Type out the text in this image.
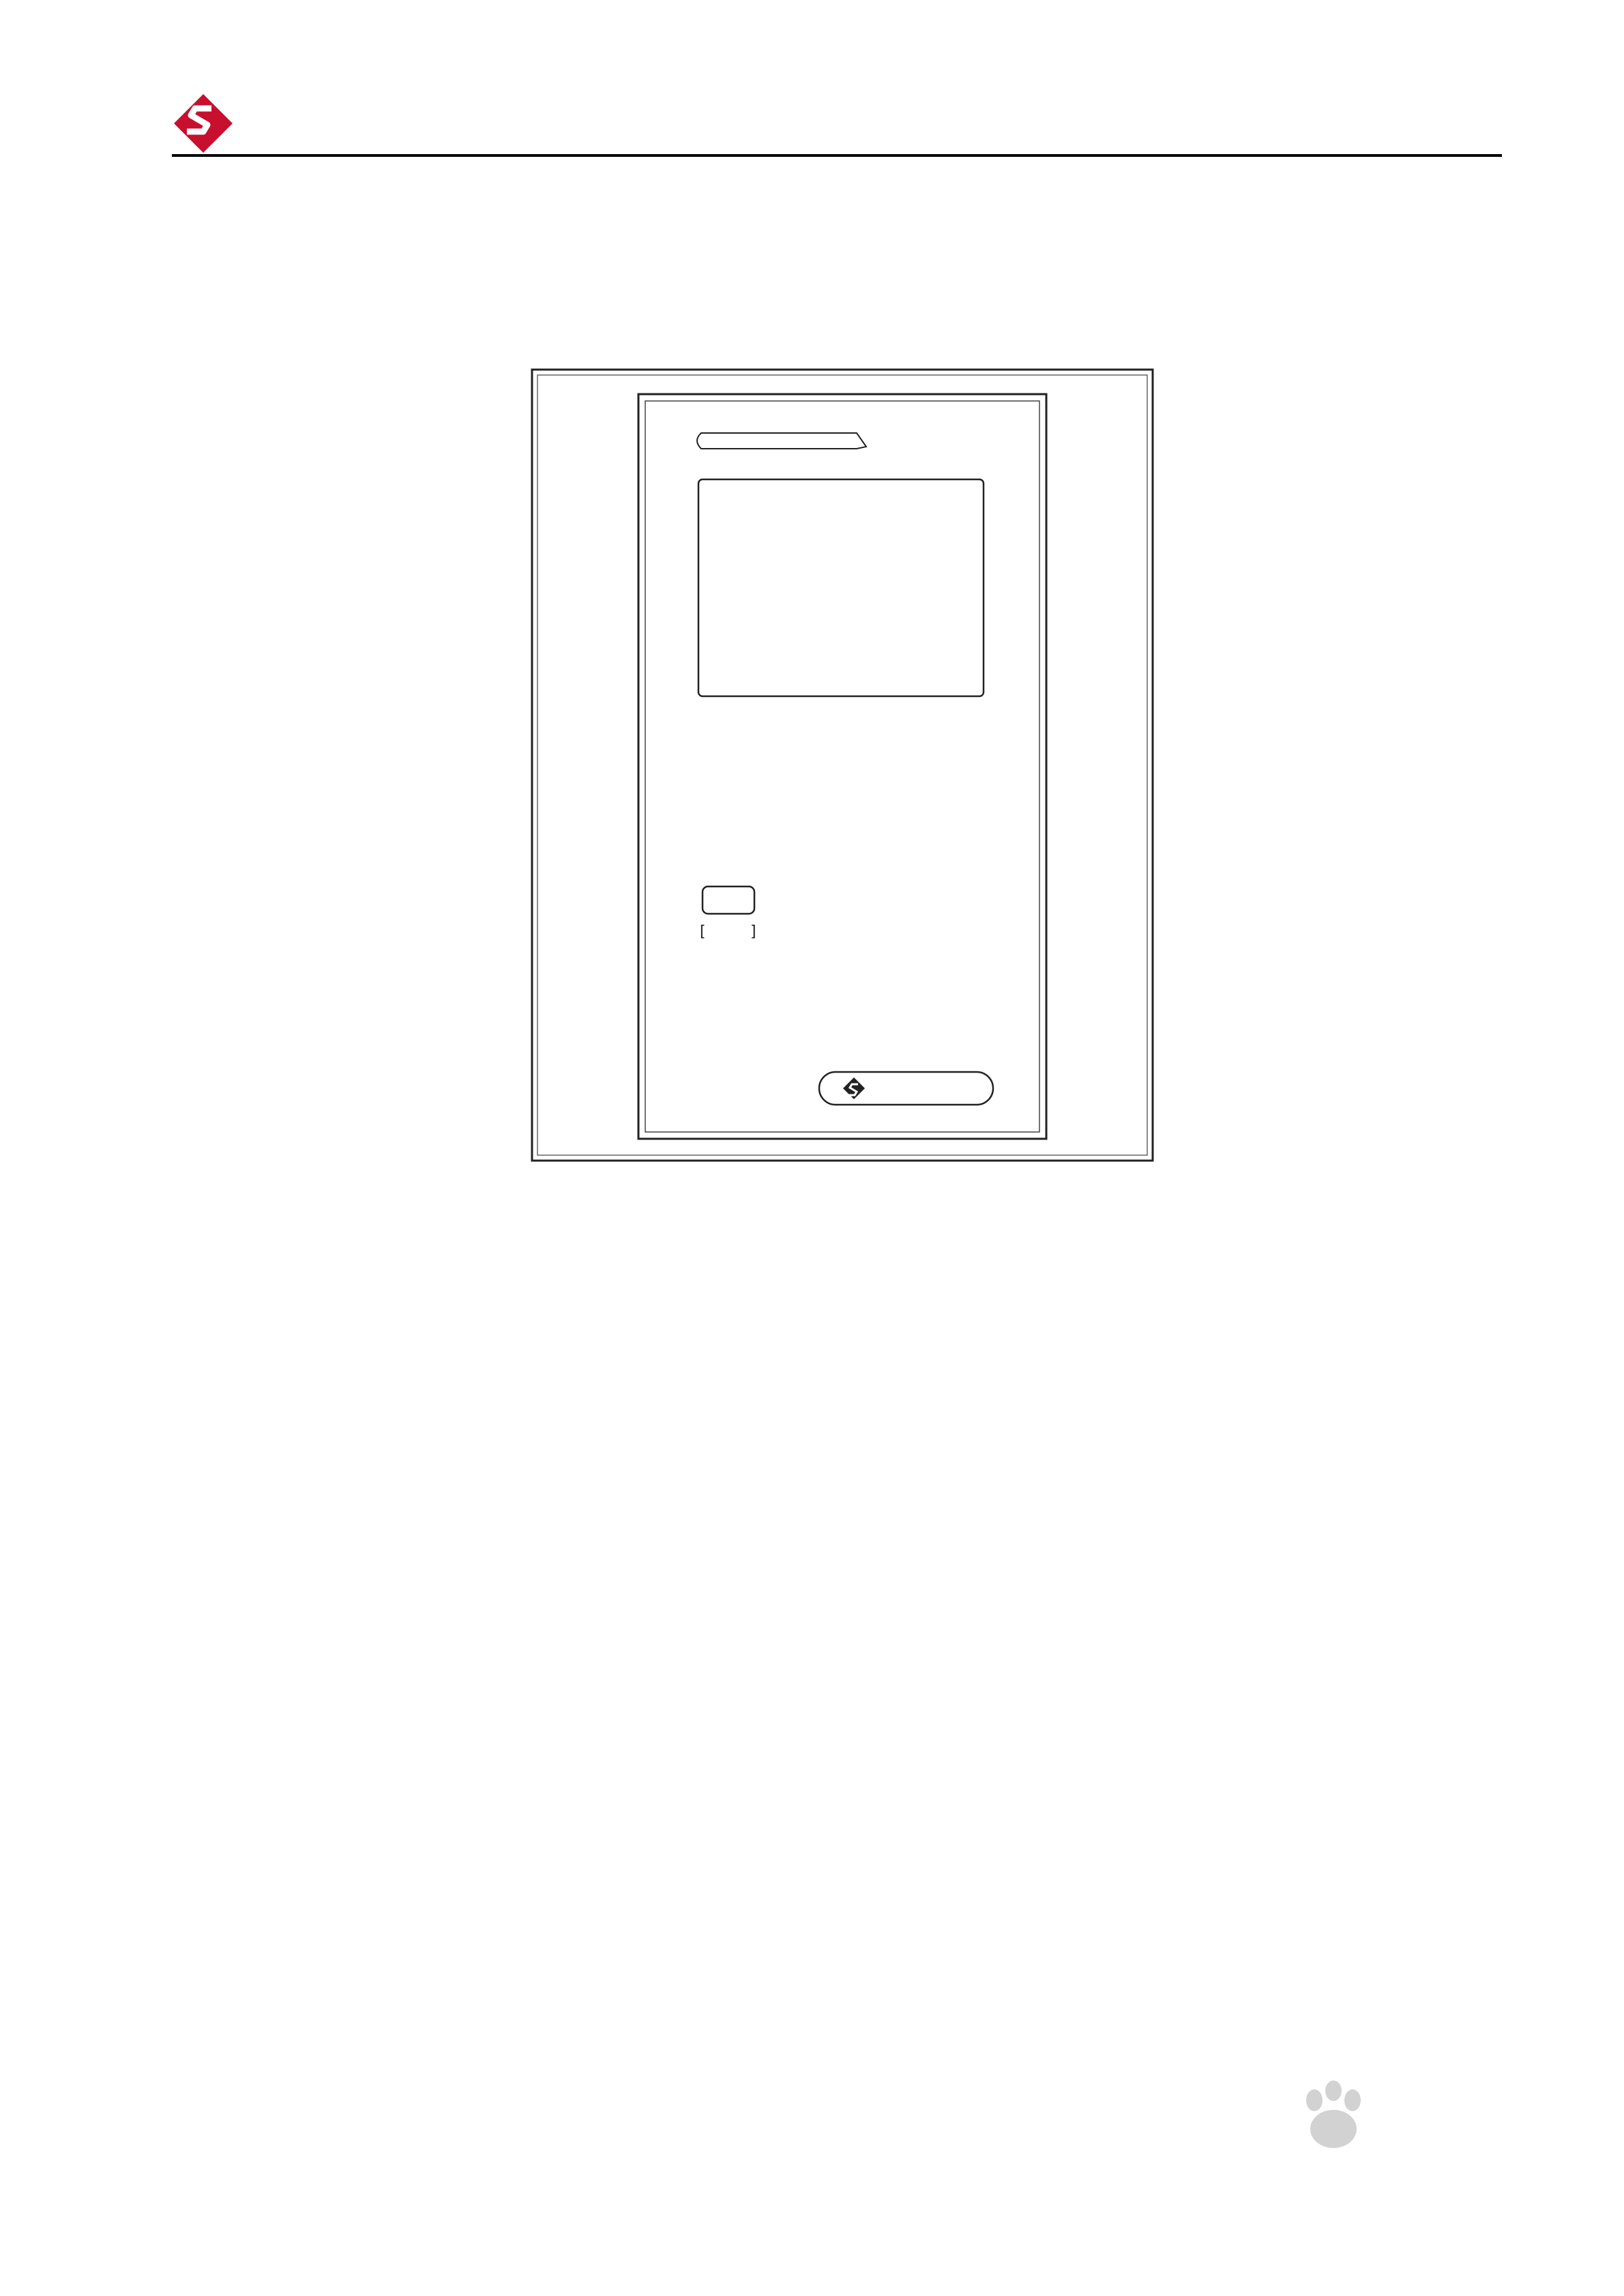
[	]
